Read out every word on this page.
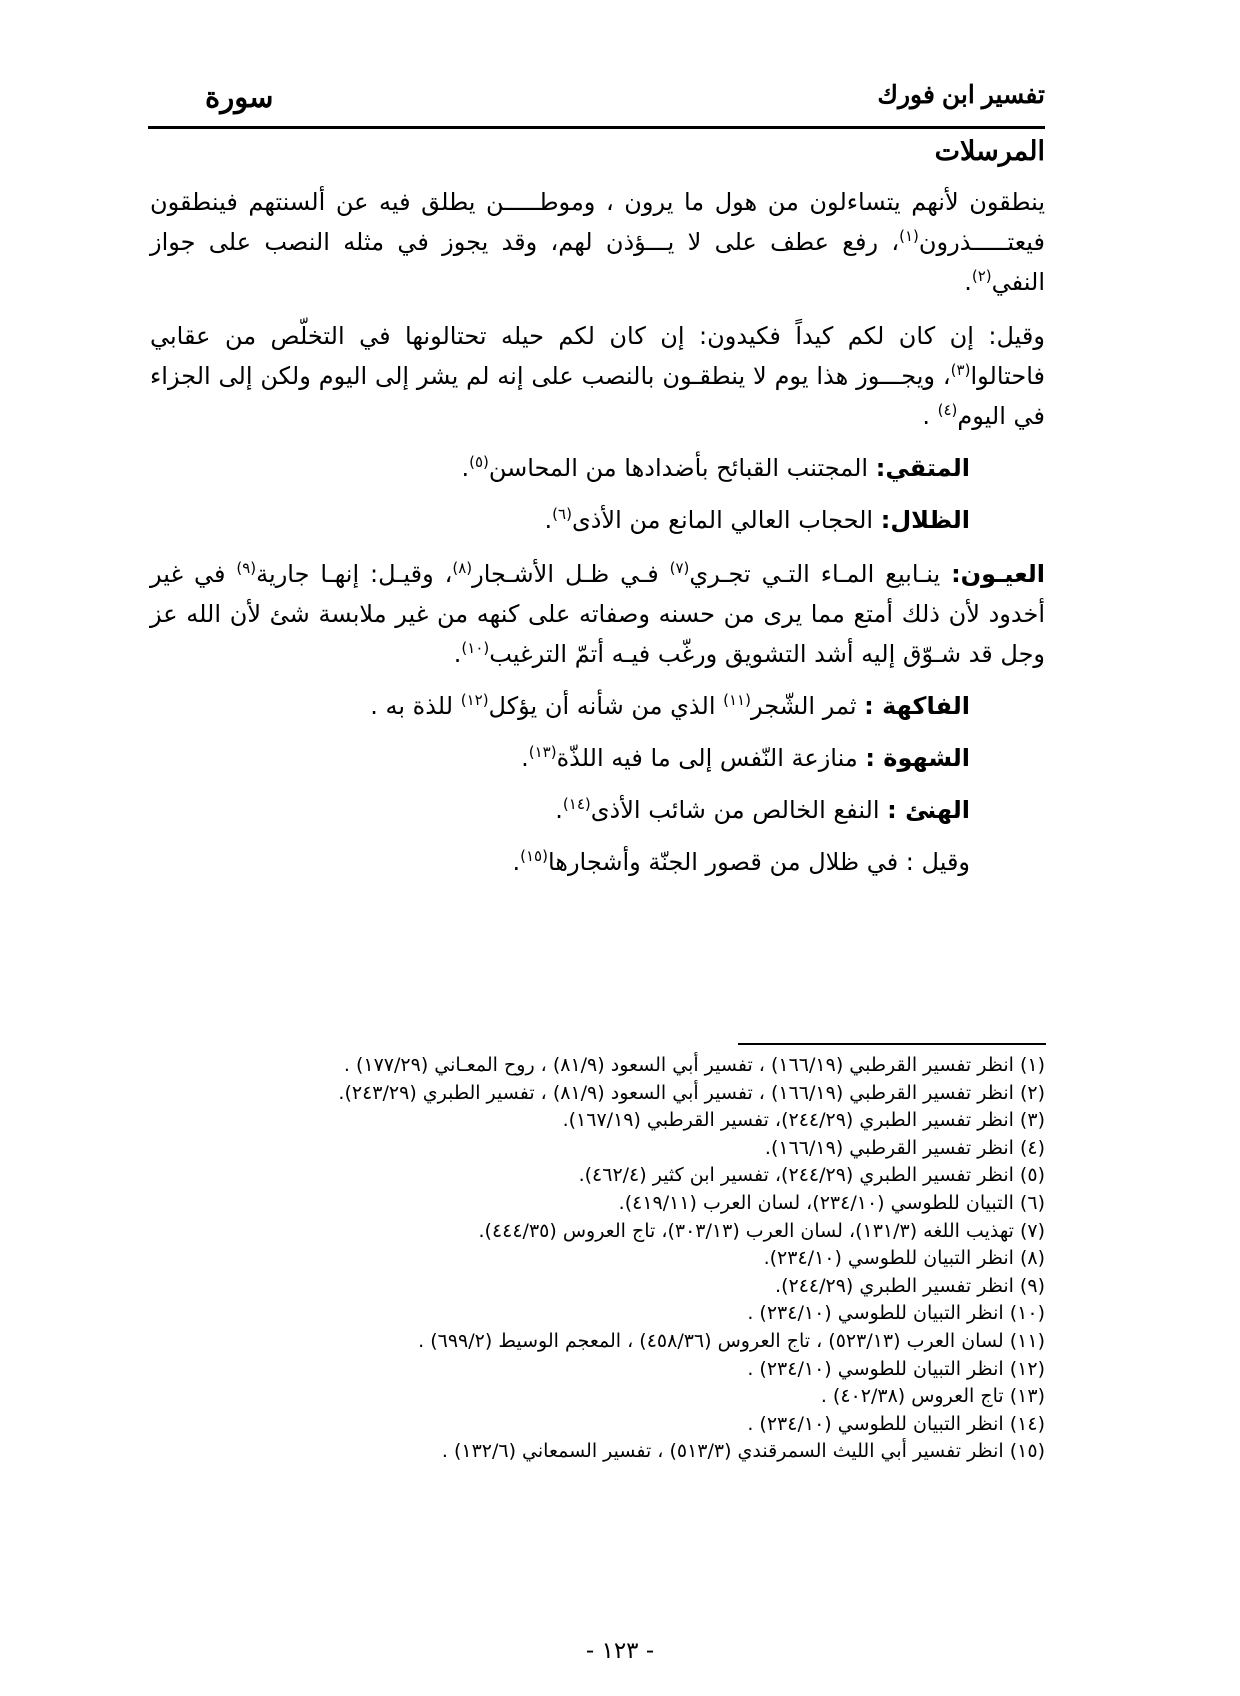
تفسير ابن فورك
سورة
المرسلات

ينطقون لأنهم يتساءلون من هول ما يرون ، وموطـــــن يطلق فيه عن ألسنتهم فينطقون فيعتـــــذرون$^{(١)}$، رفع عطف على لا يـــؤذن لهم، وقد يجوز في مثله النصب على جواز النفي$^{(٢)}$.

وقيل: إن كان لكم كيداً فكيدون: إن كان لكم حيله تحتالونها في التخلّص من عقابي فاحتالوا$^{(٣)}$، ويجـــوز هذا يوم لا ينطقـون بالنصب على إنه لم يشر إلى اليوم ولكن إلى الجزاء في اليوم$^{(٤)}$ .

المتقي: المجتنب القبائح بأضدادها من المحاسن$^{(٥)}$.

الظلال: الحجاب العالي المانع من الأذى$^{(٦)}$.

العيـون: ينـابيع المـاء التـي تجـري$^{(٧)}$ فـي ظـل الأشـجار$^{(٨)}$، وقيـل: إنهـا جارية$^{(٩)}$ في غير أخدود لأن ذلك أمتع مما يرى من حسنه وصفاته على كنهه من غير ملابسة شئ لأن الله عز وجل قد شـوّق إليه أشد التشويق ورغّب فيـه أتمّ الترغيب$^{(١٠)}$.

الفاكهة : ثمر الشّجر$^{(١١)}$ الذي من شأنه أن يؤكل$^{(١٢)}$ للذة به .

الشهوة : منازعة النّفس إلى ما فيه اللذّة$^{(١٣)}$.

الهنئ : النفع الخالص من شائب الأذى$^{(١٤)}$.

وقيل : في ظلال من قصور الجنّة وأشجارها$^{(١٥)}$.

(١) انظر تفسير القرطبي (١٦٦/١٩) ، تفسير أبي السعود (٨١/٩) ، روح المعـاني (١٧٧/٢٩) .

(٢) انظر تفسير القرطبي (١٦٦/١٩) ، تفسير أبي السعود (٨١/٩) ، تفسير الطبري (٢٤٣/٢٩).

(٣) انظر تفسير الطبري (٢٤٤/٢٩)، تفسير القرطبي (١٦٧/١٩).

(٤) انظر تفسير القرطبي (١٦٦/١٩).

(٥) انظر تفسير الطبري (٢٤٤/٢٩)، تفسير ابن كثير (٤٦٢/٤).

(٦) التبيان للطوسي (٢٣٤/١٠)، لسان العرب (٤١٩/١١).

(٧) تهذيب اللغه (١٣١/٣)، لسان العرب (٣٠٣/١٣)، تاج العروس (٤٤٤/٣٥).

(٨) انظر التبيان للطوسي (٢٣٤/١٠).

(٩) انظر تفسير الطبري (٢٤٤/٢٩).

(١٠) انظر التبيان للطوسي (٢٣٤/١٠) .

(١١) لسان العرب (٥٢٣/١٣) ، تاج العروس (٤٥٨/٣٦) ، المعجم الوسيط (٦٩٩/٢) .

(١٢) انظر التبيان للطوسي (٢٣٤/١٠) .

(١٣) تاج العروس (٤٠٢/٣٨) .

(١٤) انظر التبيان للطوسي (٢٣٤/١٠) .

(١٥) انظر تفسير أبي الليث السمرقندي (٥١٣/٣) ، تفسير السمعاني (١٣٢/٦) .

- ١٢٣ -
